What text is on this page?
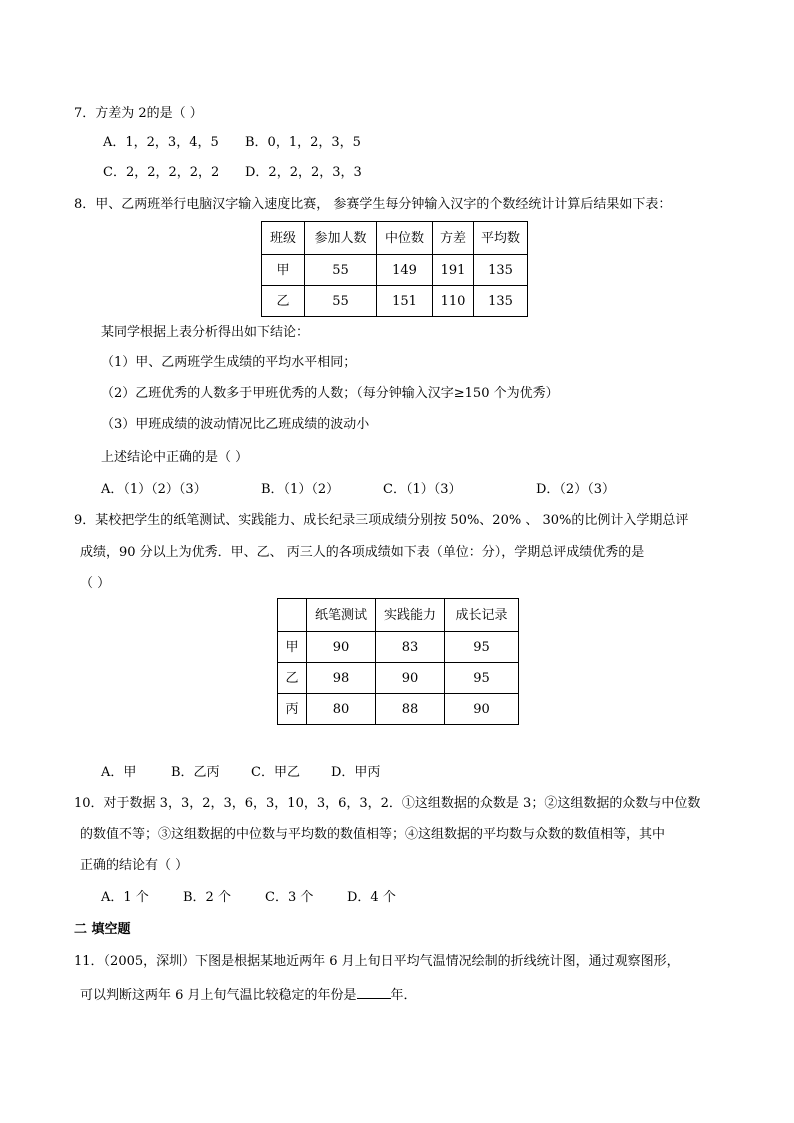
7．方差为 2的是（ ）
A．1，2，3，4，5 B．0，1，2，3，5
C．2，2，2，2，2 D．2，2，2，3，3
8．甲、乙两班举行电脑汉字输入速度比赛， 参赛学生每分钟输入汉字的个数经统计计算后结果如下表：
班级	参加人数	中位数	方差	平均数
甲	55	149	191	135
乙	55	151	110	135
某同学根据上表分析得出如下结论：
（1）甲、乙两班学生成绩的平均水平相同；
（2）乙班优秀的人数多于甲班优秀的人数；（每分钟输入汉字≥150 个为优秀）
（3）甲班成绩的波动情况比乙班成绩的波动小
上述结论中正确的是（ ）
A．（1）（2）（3）	B．（1）（2）	C．（1）（3）	D．（2）（3）
9．某校把学生的纸笔测试、实践能力、成长纪录三项成绩分别按 50%、20% 、 30%的比例计入学期总评
成绩，90 分以上为优秀．甲、乙、 丙三人的各项成绩如下表（单位：分），学期总评成绩优秀的是
（ ）
	纸笔测试	实践能力	成长记录
甲	90	83	95
乙	98	90	95
丙	80	88	90
A．甲	B．乙丙 C．甲乙 D．甲丙
10．对于数据 3，3，2，3，6，3，10，3，6，3，2．①这组数据的众数是 3；②这组数据的众数与中位数
的数值不等；③这组数据的中位数与平均数的数值相等；④这组数据的平均数与众数的数值相等，其中
正确的结论有（ ）
A．1 个	B．2 个	C．3 个	D．4 个
二 填空题
11．（2005，深圳）下图是根据某地近两年 6 月上旬日平均气温情况绘制的折线统计图，通过观察图形，
可以判断这两年 6 月上旬气温比较稳定的年份是	年．
